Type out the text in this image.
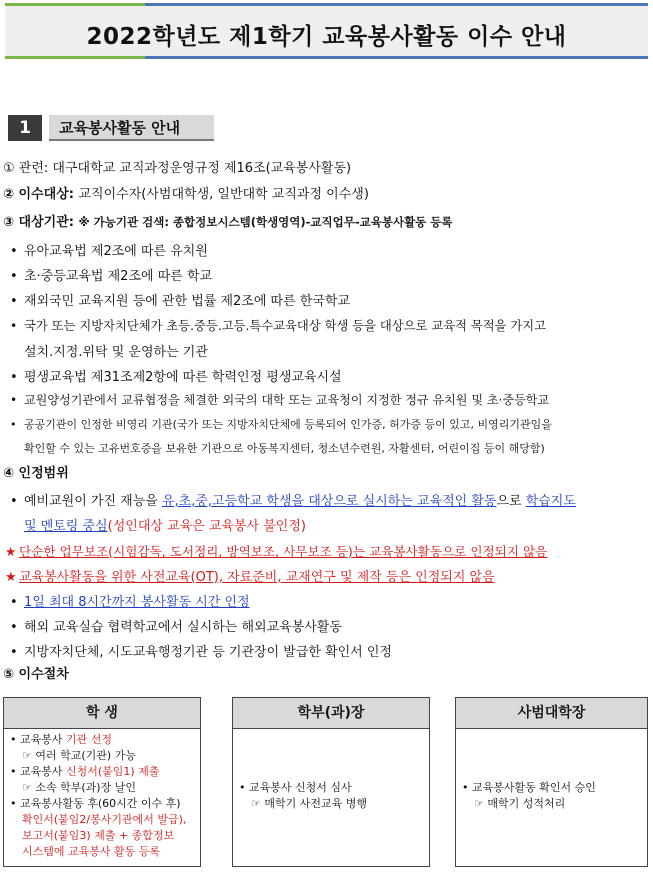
2022학년도 제1학기 교육봉사활동 이수 안내
1	교육봉사활동 안내
① 관련: 대구대학교 교직과정운영규정 제16조(교육봉사활동)
② 이수대상: 교직이수자(사범대학생, 일반대학 교직과정 이수생)
③ 대상기관: ※ 가능기관 검색: 종합정보시스템(학생영역)-교직업무-교육봉사활동 등록
• 유아교육법 제2조에 따른 유치원
• 초·중등교육법 제2조에 따른 학교
• 재외국민 교육지원 등에 관한 법률 제2조에 따른 한국학교
• 국가 또는 지방자치단체가 초등.중등.고등.특수교육대상 학생 등을 대상으로 교육적 목적을 가지고
설치.지정.위탁 및 운영하는 기관
• 평생교육법 제31조제2항에 따른 학력인정 평생교육시설
• 교원양성기관에서 교류협정을 체결한 외국의 대학 또는 교육청이 지정한 정규 유치원 및 초·중등학교
• 공공기관이 인정한 비영리 기관(국가 또는 지방자치단체에 등록되어 인가증, 허가증 등이 있고, 비영리기관임을
확인할 수 있는 고유번호증을 보유한 기관으로 아동복지센터, 청소년수련원, 자활센터, 어린이집 등이 해당함)
④ 인정범위
• 예비교원이 가진 재능을 유,초,중,고등학교 학생을 대상으로 실시하는 교육적인 활동으로 학습지도
및 멘토링 중심(성인대상 교육은 교육봉사 불인정)
★ 단순한 업무보조(시험감독, 도서정리, 방역보조, 사무보조 등)는 교육봉사활동으로 인정되지 않음
★ 교육봉사활동을 위한 사전교육(OT), 자료준비, 교재연구 및 제작 등은 인정되지 않음
• 1일 최대 8시간까지 봉사활동 시간 인정
• 해외 교육실습 협력학교에서 실시하는 해외교육봉사활동
• 지방자치단체, 시도교육행정기관 등 기관장이 발급한 확인서 인정
⑤ 이수절차
학 생
• 교육봉사 기관 선정
☞ 여러 학교(기관) 가능
• 교육봉사 신청서(붙임1) 제출
☞ 소속 학부(과)장 날인
• 교육봉사활동 후(60시간 이수 후)
확인서(붙임2/봉사기관에서 발급),
보고서(붙임3) 제출 + 종합정보
시스템에 교육봉사 활동 등록
학부(과)장
• 교육봉사 신청서 심사
☞ 매학기 사전교육 병행
사범대학장
• 교육봉사활동 확인서 승인
☞ 매학기 성적처리
